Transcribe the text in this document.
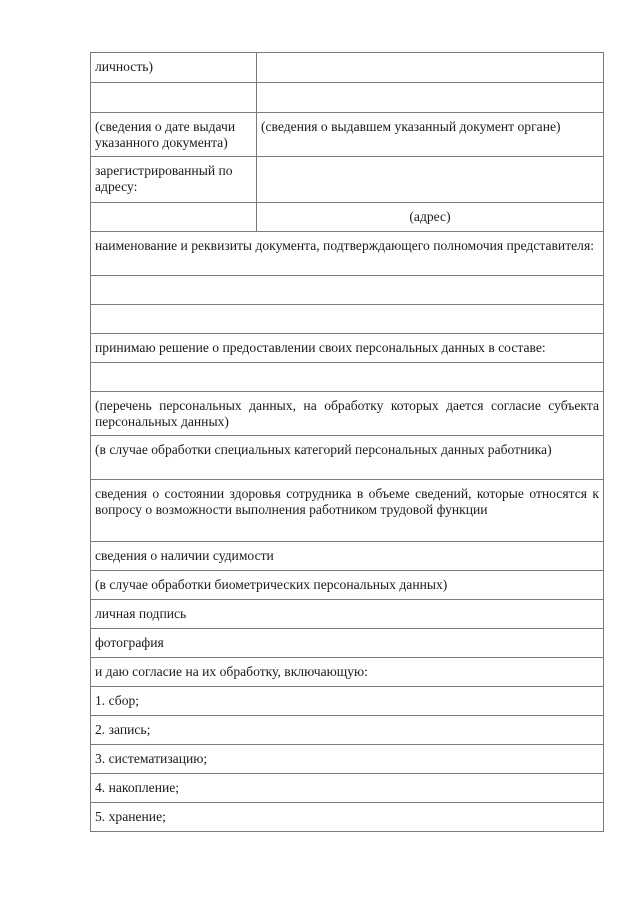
личность)	

(сведения о дате выдачи указанного документа)	(сведения о выдавшем указанный документ органе)
зарегистрированный по адресу:	
	(адрес)
наименование и реквизиты документа, подтверждающего полномочия представителя:	

принимаю решение о предоставлении своих персональных данных в составе:	

(перечень персональных данных, на обработку которых дается согласие субъекта персональных данных)	
(в случае обработки специальных категорий персональных данных работника)	
сведения о состоянии здоровья сотрудника в объеме сведений, которые относятся к вопросу о возможности выполнения работником трудовой функции	
сведения о наличии судимости	
(в случае обработки биометрических персональных данных)	
личная подпись	
фотография	
и даю согласие на их обработку, включающую:	
1. сбор;	
2. запись;	
3. систематизацию;	
4. накопление;	
5. хранение;	
